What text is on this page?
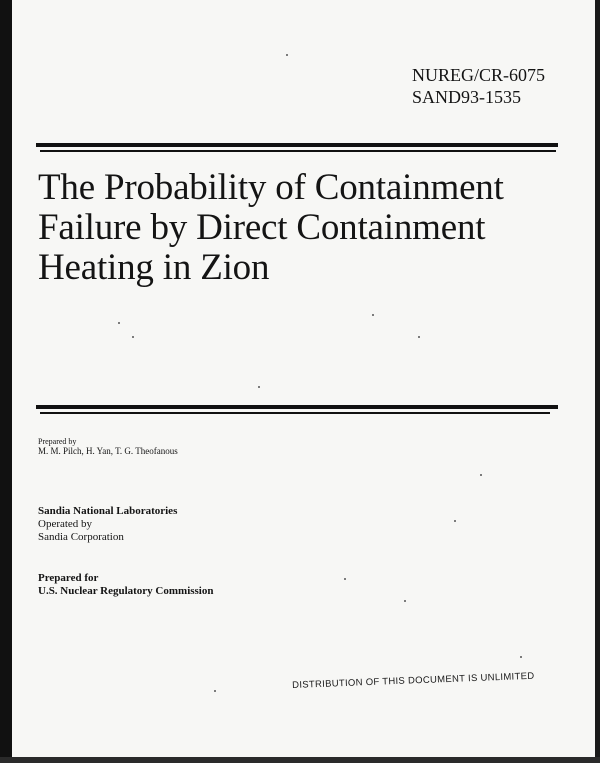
NUREG/CR-6075
SAND93-1535
The Probability of Containment
Failure by Direct Containment
Heating in Zion
Prepared by
M. M. Pilch, H. Yan, T. G. Theofanous
Sandia National Laboratories
Operated by
Sandia Corporation
Prepared for
U.S. Nuclear Regulatory Commission
DISTRIBUTION OF THIS DOCUMENT IS UNLIMITED
